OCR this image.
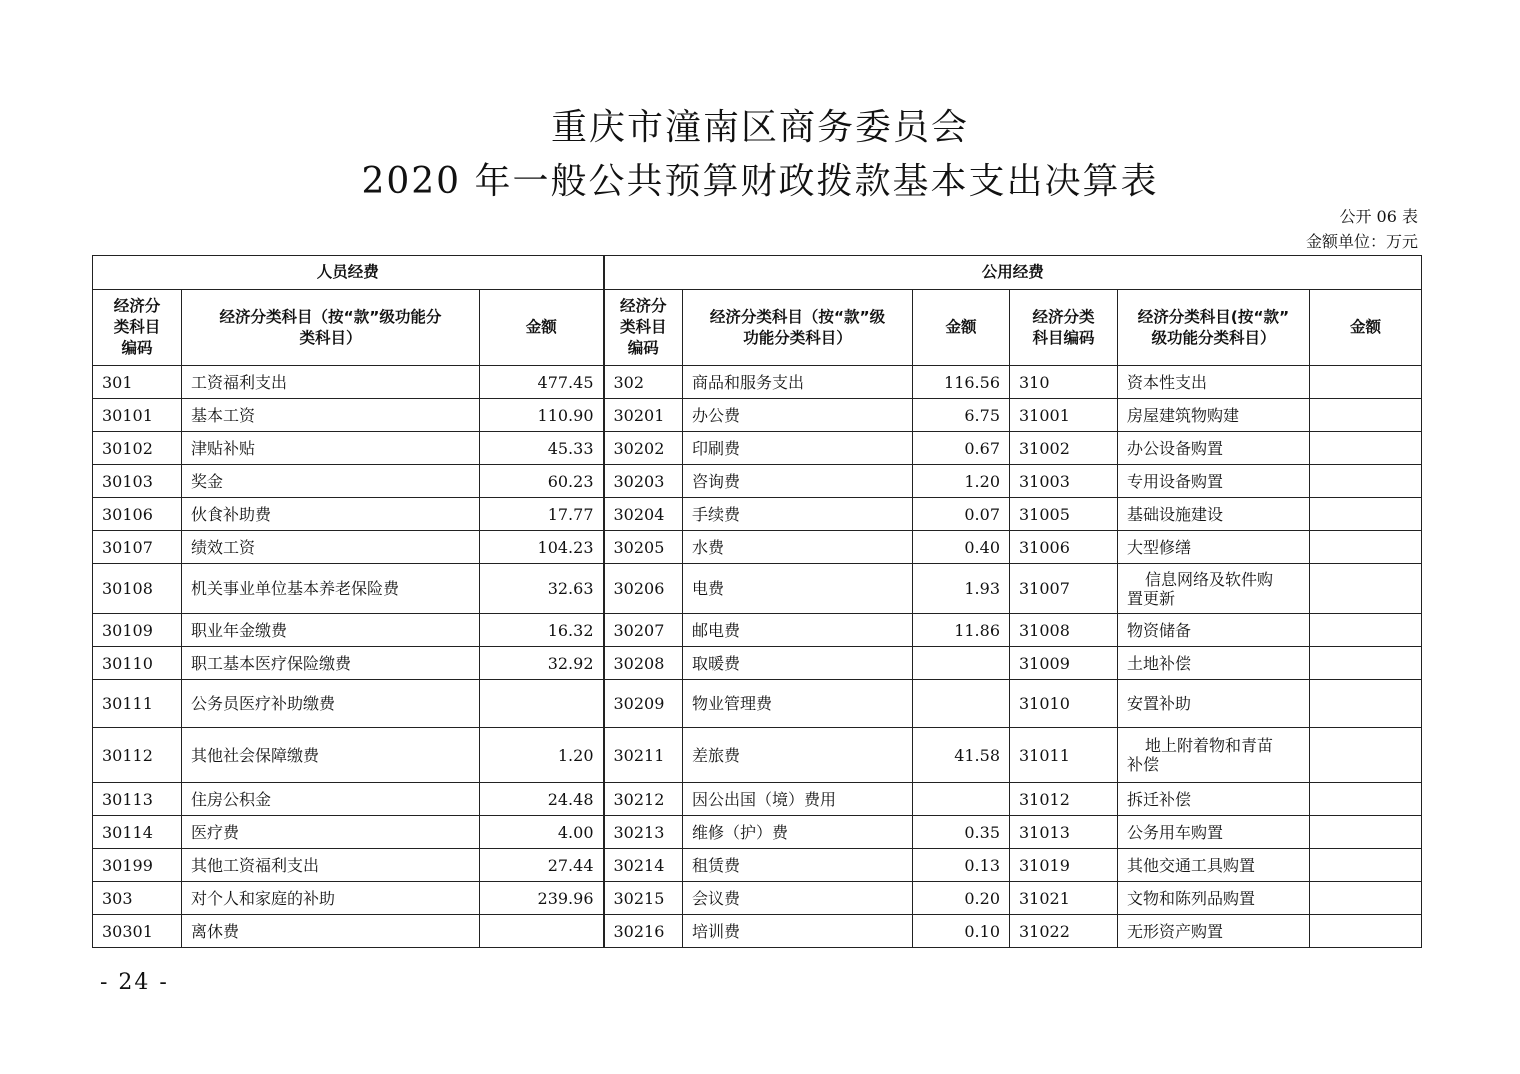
重庆市潼南区商务委员会
2020 年一般公共预算财政拨款基本支出决算表
公开 06 表
金额单位：万元
人员经费			公用经费					
经济分
类科目
编码	经济分类科目（按“款”级功能分
类科目）	金额	经济分
类科目
编码	经济分类科目（按“款”级
功能分类科目）	金额	经济分类
科目编码	经济分类科目(按“款”
级功能分类科目）	金额
301	工资福利支出	477.45	302	商品和服务支出	116.56	310	资本性支出	
30101	基本工资	110.90	30201	办公费	6.75	31001	房屋建筑物购建	
30102	津贴补贴	45.33	30202	印刷费	0.67	31002	办公设备购置	
30103	奖金	60.23	30203	咨询费	1.20	31003	专用设备购置	
30106	伙食补助费	17.77	30204	手续费	0.07	31005	基础设施建设	
30107	绩效工资	104.23	30205	水费	0.40	31006	大型修缮	
30108	机关事业单位基本养老保险费	32.63	30206	电费	1.93	31007	信息网络及软件购
置更新	
30109	职业年金缴费	16.32	30207	邮电费	11.86	31008	物资储备	
30110	职工基本医疗保险缴费	32.92	30208	取暖费		31009	土地补偿	
30111	公务员医疗补助缴费		30209	物业管理费		31010	安置补助	
30112	其他社会保障缴费	1.20	30211	差旅费	41.58	31011	地上附着物和青苗
补偿	
30113	住房公积金	24.48	30212	因公出国（境）费用		31012	拆迁补偿	
30114	医疗费	4.00	30213	维修（护）费	0.35	31013	公务用车购置	
30199	其他工资福利支出	27.44	30214	租赁费	0.13	31019	其他交通工具购置	
303	对个人和家庭的补助	239.96	30215	会议费	0.20	31021	文物和陈列品购置	
30301	离休费		30216	培训费	0.10	31022	无形资产购置	
- 24 -
